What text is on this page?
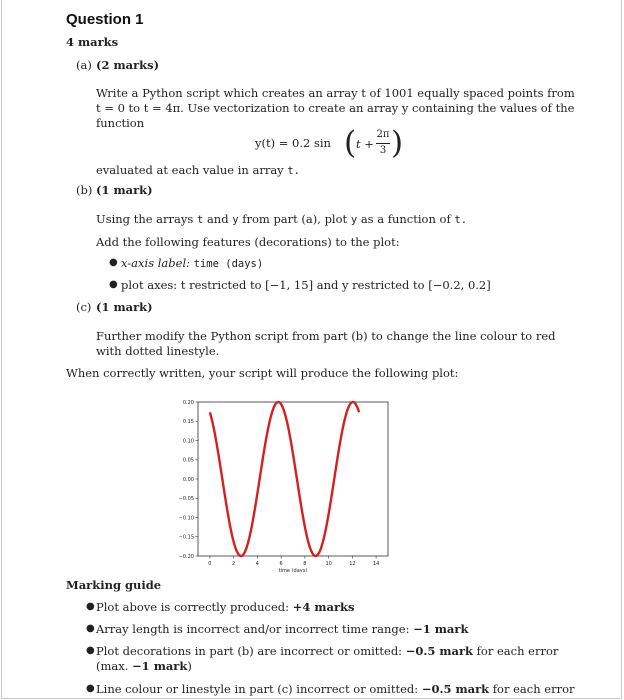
Question 1
4 marks
(a) (2 marks)
Write a Python script which creates an array t of 1001 equally spaced points from
t = 0 to t = 4π. Use vectorization to create an array y containing the values of the
function
y(t) = 0.2 sin ( t +
2π
3 )
evaluated at each value in array t.
(b) (1 mark)
Using the arrays t and y from part (a), plot y as a function of t.
Add the following features (decorations) to the plot:
● x-axis label: time (days)
● plot axes: t restricted to [−1, 15] and y restricted to [−0.2, 0.2]
(c) (1 mark)
Further modify the Python script from part (b) to change the line colour to red
with dotted linestyle.
When correctly written, your script will produce the following plot:
0.20
0.15
0.10
0.05
0.00
−0.05
−0.10
−0.15
−0.20
0	2	4	6	8	10	12	14
time (days)
Marking guide
● Plot above is correctly produced: +4 marks
● Array length is incorrect and/or incorrect time range: −1 mark
● Plot decorations in part (b) are incorrect or omitted: −0.5 mark for each error
(max. −1 mark)
● Line colour or linestyle in part (c) incorrect or omitted: −0.5 mark for each error
